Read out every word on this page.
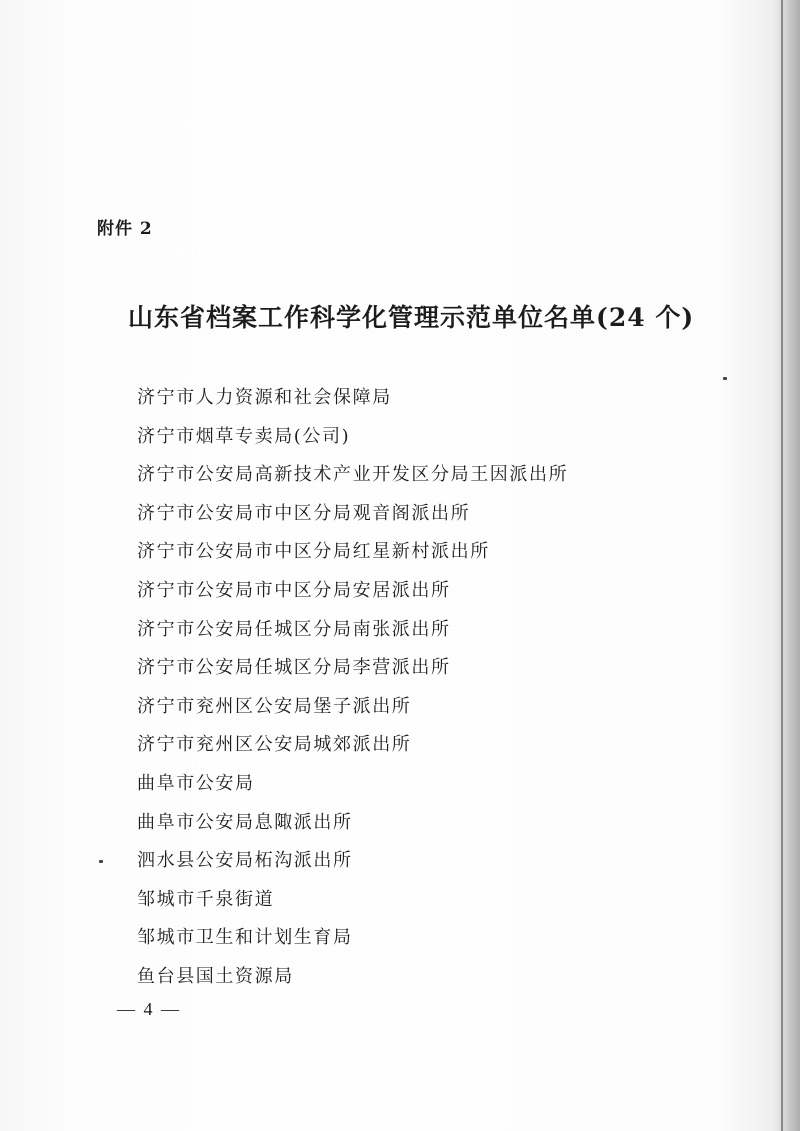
附件 2
山东省档案工作科学化管理示范单位名单(24 个)
济宁市人力资源和社会保障局
济宁市烟草专卖局(公司)
济宁市公安局高新技术产业开发区分局王因派出所
济宁市公安局市中区分局观音阁派出所
济宁市公安局市中区分局红星新村派出所
济宁市公安局市中区分局安居派出所
济宁市公安局任城区分局南张派出所
济宁市公安局任城区分局李营派出所
济宁市兖州区公安局堡子派出所
济宁市兖州区公安局城郊派出所
曲阜市公安局
曲阜市公安局息陬派出所
泗水县公安局柘沟派出所
邹城市千泉街道
邹城市卫生和计划生育局
鱼台县国土资源局
— 4 —
